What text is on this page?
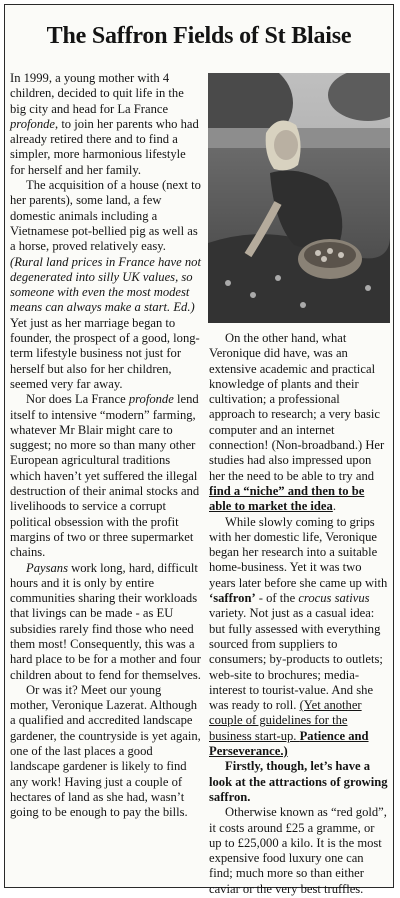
The Saffron Fields of St Blaise

In 1999, a young mother with 4 children, decided to quit life in the big city and head for La France profonde, to join her parents who had already retired there and to find a simpler, more harmonious lifestyle for herself and her family.

The acquisition of a house (next to her parents), some land, a few domestic animals including a Vietnamese pot-bellied pig as well as a horse, proved relatively easy. (Rural land prices in France have not degenerated into silly UK values, so someone with even the most modest means can always make a start. Ed.) Yet just as her marriage began to founder, the prospect of a good, long-term lifestyle business not just for herself but also for her children, seemed very far away.

Nor does La France profonde lend itself to intensive “modern” farming, whatever Mr Blair might care to suggest; no more so than many other European agricultural traditions which haven’t yet suffered the illegal destruction of their animal stocks and livelihoods to service a corrupt political obsession with the profit margins of two or three supermarket chains.

Paysans work long, hard, difficult hours and it is only by entire communities sharing their workloads that livings can be made - as EU subsidies rarely find those who need them most! Consequently, this was a hard place to be for a mother and four children about to fend for themselves.

Or was it? Meet our young mother, Veronique Lazerat. Although a qualified and accredited landscape gardener, the countryside is yet again, one of the last places a good landscape gardener is likely to find any work! Having just a couple of hectares of land as she had, wasn’t going to be enough to pay the bills.

On the other hand, what Veronique did have, was an extensive academic and practical knowledge of plants and their cultivation; a professional approach to research; a very basic computer and an internet connection! (Non-broadband.) Her studies had also impressed upon her the need to be able to try and find a “niche” and then to be able to market the idea.

While slowly coming to grips with her domestic life, Veronique began her research into a suitable home-business. Yet it was two years later before she came up with ‘saffron’ - of the crocus sativus variety. Not just as a casual idea: but fully assessed with everything sourced from suppliers to consumers; by-products to outlets; web-site to brochures; media-interest to tourist-value. And she was ready to roll. (Yet another couple of guidelines for the business start-up. Patience and Perseverance.)

Firstly, though, let’s have a look at the attractions of growing saffron.

Otherwise known as “red gold”, it costs around £25 a gramme, or up to £25,000 a kilo. It is the most expensive food luxury one can find; much more so than either caviar or the very best truffles.
